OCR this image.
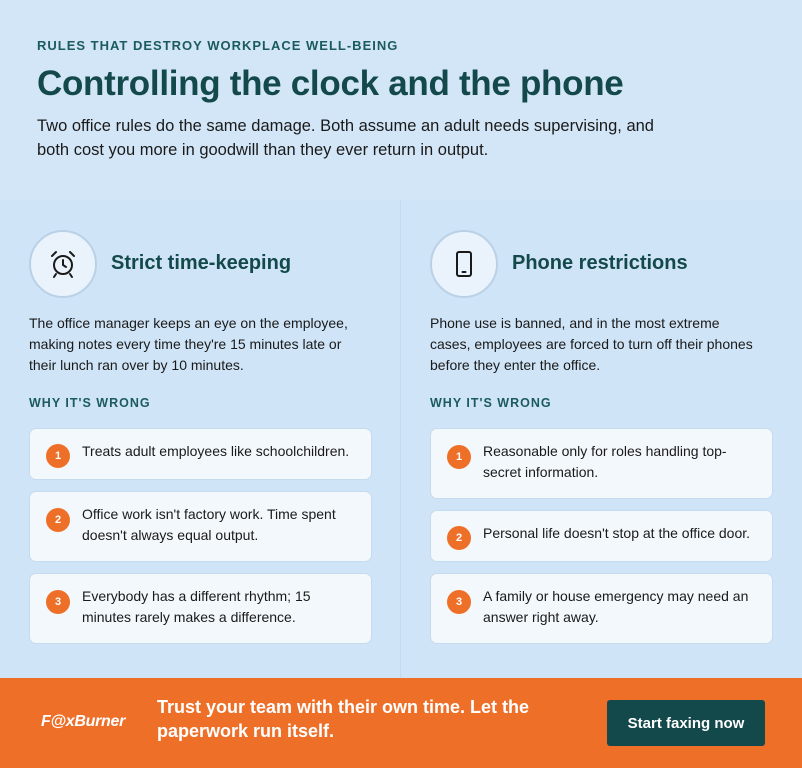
RULES THAT DESTROY WORKPLACE WELL-BEING
Controlling the clock and the phone
Two office rules do the same damage. Both assume an adult needs supervising, and both cost you more in goodwill than they ever return in output.
Strict time-keeping
The office manager keeps an eye on the employee, making notes every time they're 15 minutes late or their lunch ran over by 10 minutes.
WHY IT'S WRONG
1	Treats adult employees like schoolchildren.
2	Office work isn't factory work. Time spent doesn't always equal output.
3	Everybody has a different rhythm; 15 minutes rarely makes a difference.
Phone restrictions
Phone use is banned, and in the most extreme cases, employees are forced to turn off their phones before they enter the office.
WHY IT'S WRONG
1	Reasonable only for roles handling top-secret information.
2	Personal life doesn't stop at the office door.
3	A family or house emergency may need an answer right away.
F@xBurner
Trust your team with their own time. Let the paperwork run itself.	Start faxing now
